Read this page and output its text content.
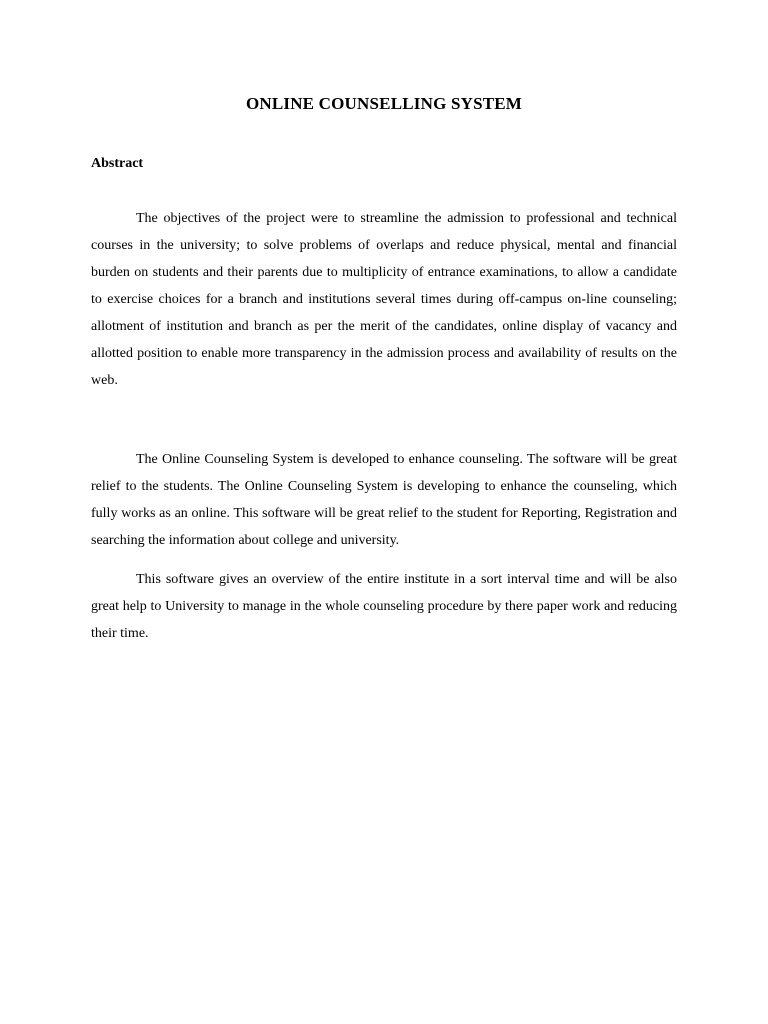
ONLINE COUNSELLING SYSTEM
Abstract

The objectives of the project were to streamline the admission to professional and technical courses in the university; to solve problems of overlaps and reduce physical, mental and financial burden on students and their parents due to multiplicity of entrance examinations, to allow a candidate to exercise choices for a branch and institutions several times during off-campus on-line counseling; allotment of institution and branch as per the merit of the candidates, online display of vacancy and allotted position to enable more transparency in the admission process and availability of results on the web.

The Online Counseling System is developed to enhance counseling. The software will be great relief to the students. The Online Counseling System is developing to enhance the counseling, which fully works as an online. This software will be great relief to the student for Reporting, Registration and searching the information about college and university.

This software gives an overview of the entire institute in a sort interval time and will be also great help to University to manage in the whole counseling procedure by there paper work and reducing their time.
